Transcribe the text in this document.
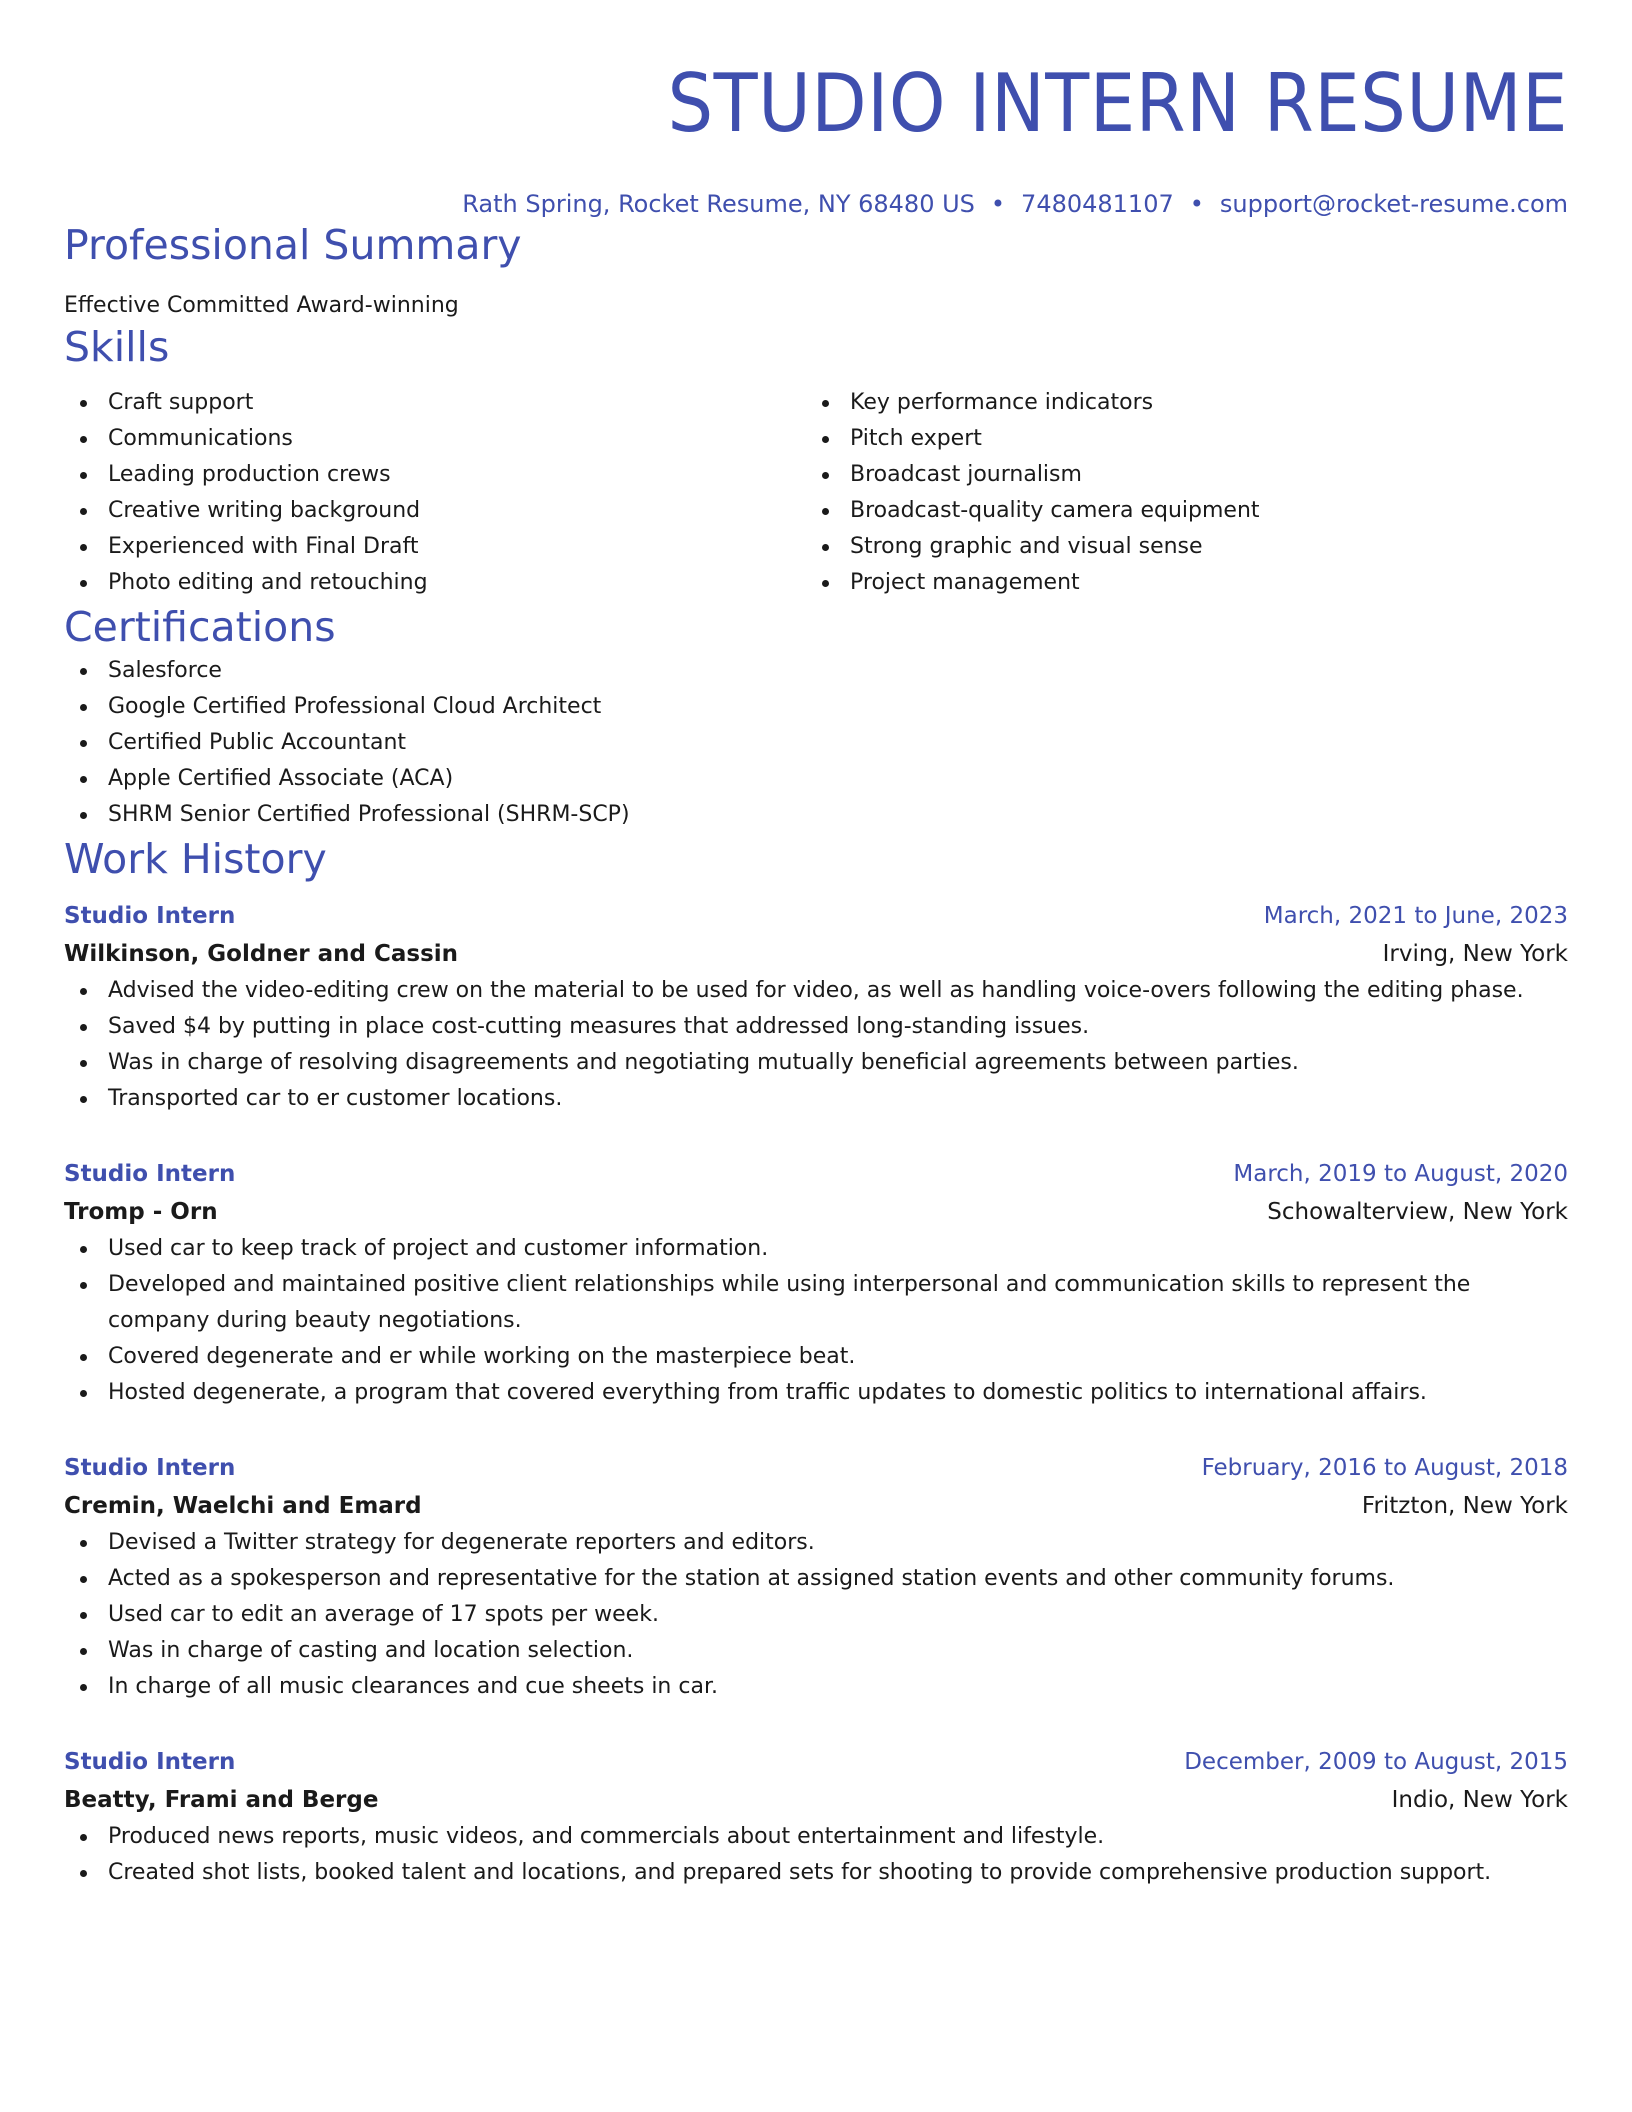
STUDIO INTERN RESUME
Rath Spring, Rocket Resume, NY 68480 US • 7480481107 • support@rocket-resume.com
Professional Summary
Effective Committed Award-winning
Skills
Craft support
Communications
Leading production crews
Creative writing background
Experienced with Final Draft
Photo editing and retouching
Key performance indicators
Pitch expert
Broadcast journalism
Broadcast-quality camera equipment
Strong graphic and visual sense
Project management
Certifications
Salesforce
Google Certified Professional Cloud Architect
Certified Public Accountant
Apple Certified Associate (ACA)
SHRM Senior Certified Professional (SHRM-SCP)
Work History
Studio Intern	March, 2021 to June, 2023
Wilkinson, Goldner and Cassin	Irving, New York
Advised the video-editing crew on the material to be used for video, as well as handling voice-overs following the editing phase.
Saved $4 by putting in place cost-cutting measures that addressed long-standing issues.
Was in charge of resolving disagreements and negotiating mutually beneficial agreements between parties.
Transported car to er customer locations.
Studio Intern	March, 2019 to August, 2020
Tromp - Orn	Schowalterview, New York
Used car to keep track of project and customer information.
Developed and maintained positive client relationships while using interpersonal and communication skills to represent the company during beauty negotiations.
Covered degenerate and er while working on the masterpiece beat.
Hosted degenerate, a program that covered everything from traffic updates to domestic politics to international affairs.
Studio Intern	February, 2016 to August, 2018
Cremin, Waelchi and Emard	Fritzton, New York
Devised a Twitter strategy for degenerate reporters and editors.
Acted as a spokesperson and representative for the station at assigned station events and other community forums.
Used car to edit an average of 17 spots per week.
Was in charge of casting and location selection.
In charge of all music clearances and cue sheets in car.
Studio Intern	December, 2009 to August, 2015
Beatty, Frami and Berge	Indio, New York
Produced news reports, music videos, and commercials about entertainment and lifestyle.
Created shot lists, booked talent and locations, and prepared sets for shooting to provide comprehensive production support.
